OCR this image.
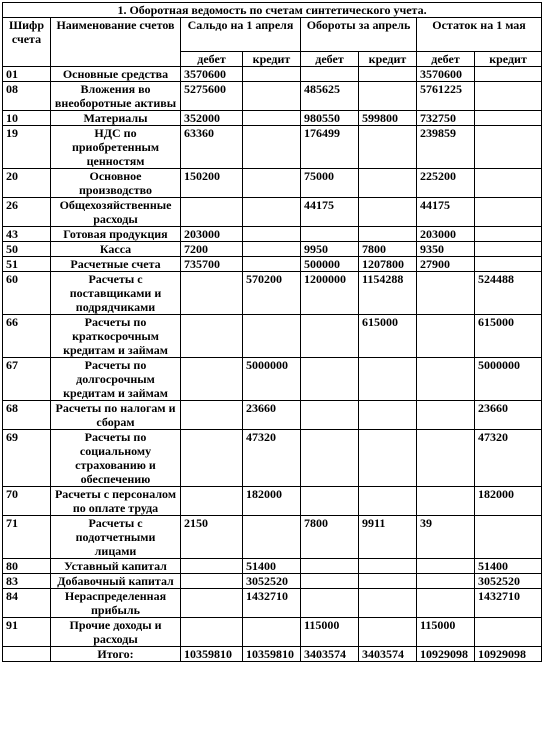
1. Оборотная ведомость по счетам синтетического учета.							
Шифр счета	Наименование счетов	Сальдо на 1 апреля		Обороты за апрель		Остаток на 1 мая	
		дебет	кредит	дебет	кредит	дебет	кредит
01	Основные средства	3570600				3570600	
08	Вложения во внеоборотные активы	5275600		485625		5761225	
10	Материалы	352000		980550	599800	732750	
19	НДС по приобретенным ценностям	63360		176499		239859	
20	Основное производство	150200		75000		225200	
26	Общехозяйственные расходы			44175		44175	
43	Готовая продукция	203000				203000	
50	Касса	7200		9950	7800	9350	
51	Расчетные счета	735700		500000	1207800	27900	
60	Расчеты с поставщиками и подрядчиками		570200	1200000	1154288		524488
66	Расчеты по краткосрочным кредитам и займам				615000		615000
67	Расчеты по долгосрочным кредитам и займам		5000000				5000000
68	Расчеты по налогам и сборам		23660				23660
69	Расчеты по социальному страхованию и обеспечению		47320				47320
70	Расчеты с персоналом по оплате труда		182000				182000
71	Расчеты с подотчетными лицами	2150		7800	9911	39	
80	Уставный капитал		51400				51400
83	Добавочный капитал		3052520				3052520
84	Нераспределенная прибыль		1432710				1432710
91	Прочие доходы и расходы			115000		115000	
	Итого:	10359810	10359810	3403574	3403574	10929098	10929098
